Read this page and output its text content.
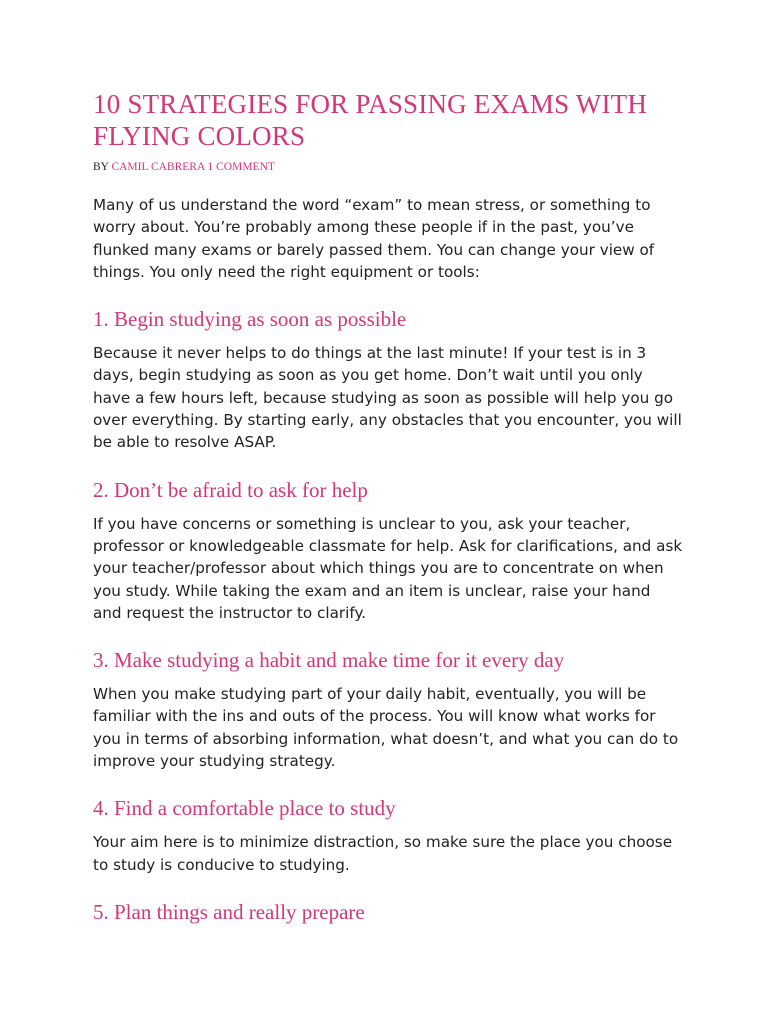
10 STRATEGIES FOR PASSING EXAMS WITH FLYING COLORS
BY CAMIL CABRERA 1 COMMENT

Many of us understand the word “exam” to mean stress, or something to worry about. You’re probably among these people if in the past, you’ve flunked many exams or barely passed them. You can change your view of things. You only need the right equipment or tools:

1. Begin studying as soon as possible

Because it never helps to do things at the last minute! If your test is in 3 days, begin studying as soon as you get home. Don’t wait until you only have a few hours left, because studying as soon as possible will help you go over everything. By starting early, any obstacles that you encounter, you will be able to resolve ASAP.

2. Don’t be afraid to ask for help

If you have concerns or something is unclear to you, ask your teacher, professor or knowledgeable classmate for help. Ask for clarifications, and ask your teacher/professor about which things you are to concentrate on when you study. While taking the exam and an item is unclear, raise your hand and request the instructor to clarify.

3. Make studying a habit and make time for it every day

When you make studying part of your daily habit, eventually, you will be familiar with the ins and outs of the process. You will know what works for you in terms of absorbing information, what doesn’t, and what you can do to improve your studying strategy.

4. Find a comfortable place to study

Your aim here is to minimize distraction, so make sure the place you choose to study is conducive to studying.

5. Plan things and really prepare
